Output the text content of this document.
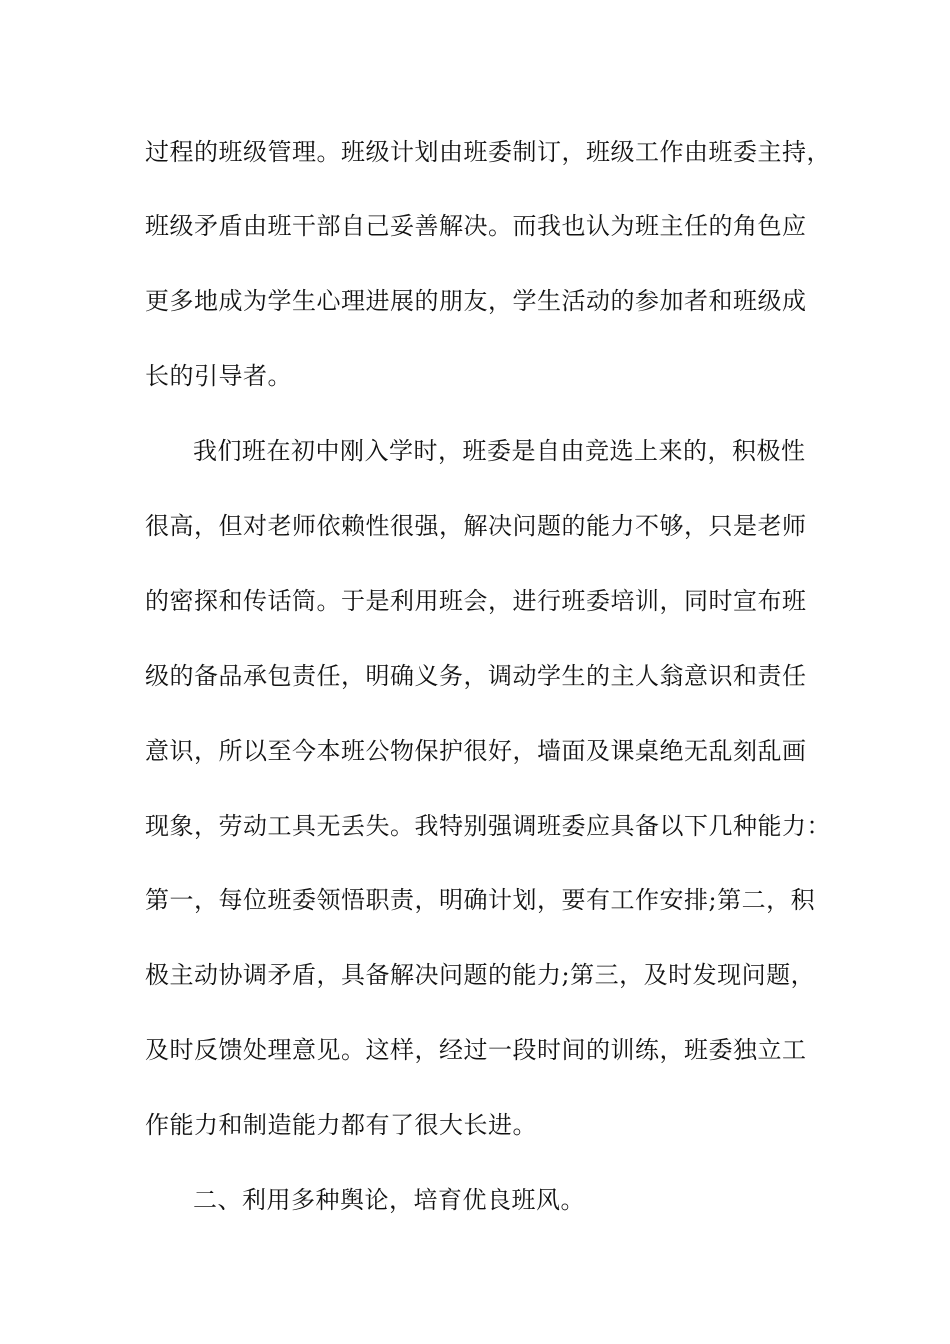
过程的班级管理。班级计划由班委制订，班级工作由班委主持，
班级矛盾由班干部自己妥善解决。而我也认为班主任的角色应
更多地成为学生心理进展的朋友，学生活动的参加者和班级成
长的引导者。
我们班在初中刚入学时，班委是自由竞选上来的，积极性
很高，但对老师依赖性很强，解决问题的能力不够，只是老师
的密探和传话筒。于是利用班会，进行班委培训，同时宣布班
级的备品承包责任，明确义务，调动学生的主人翁意识和责任
意识，所以至今本班公物保护很好，墙面及课桌绝无乱刻乱画
现象，劳动工具无丢失。我特别强调班委应具备以下几种能力：
第一，每位班委领悟职责，明确计划，要有工作安排;第二，积
极主动协调矛盾，具备解决问题的能力;第三，及时发现问题，
及时反馈处理意见。这样，经过一段时间的训练，班委独立工
作能力和制造能力都有了很大长进。
二、利用多种舆论，培育优良班风。
